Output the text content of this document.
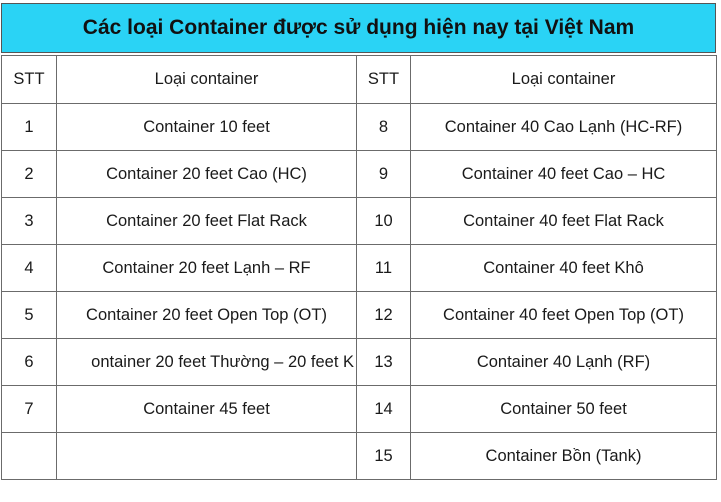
Các loại Container được sử dụng hiện nay tại Việt Nam
STT	Loại container	STT	Loại container
1	Container 10 feet	8	Container 40 Cao Lạnh (HC-RF)
2	Container 20 feet Cao (HC)	9	Container 40 feet Cao – HC
3	Container 20 feet Flat Rack	10	Container 40 feet Flat Rack
4	Container 20 feet Lạnh – RF	11	Container 40 feet Khô
5	Container 20 feet Open Top (OT)	12	Container 40 feet Open Top (OT)
6	ontainer 20 feet Thường – 20 feet K	13	Container 40 Lạnh (RF)
7	Container 45 feet	14	Container 50 feet
		15	Container Bồn (Tank)
